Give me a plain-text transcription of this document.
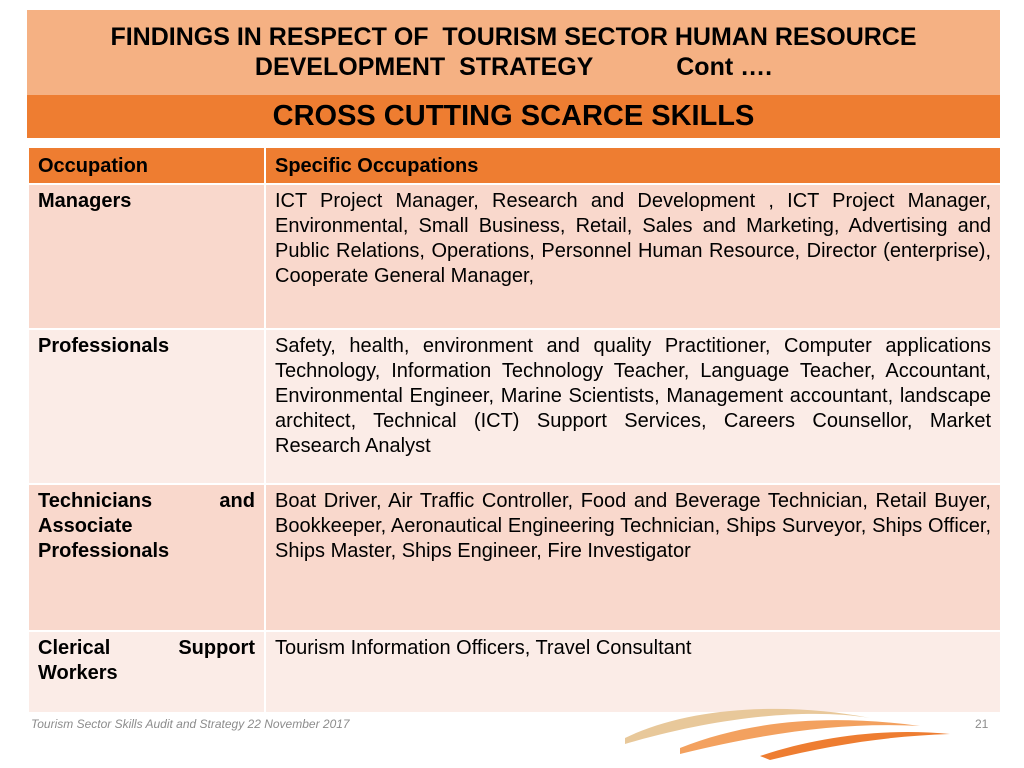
FINDINGS IN RESPECT OF  TOURISM SECTOR HUMAN RESOURCE
DEVELOPMENT  STRATEGY            Cont ….
CROSS CUTTING SCARCE SKILLS
Occupation	Specific Occupations
Managers	ICT Project Manager, Research and Development , ICT Project Manager, Environmental, Small Business, Retail, Sales and Marketing, Advertising and Public Relations, Operations, Personnel Human Resource, Director (enterprise), Cooperate General Manager,
Professionals	Safety, health, environment and quality Practitioner, Computer applications Technology, Information Technology Teacher, Language Teacher, Accountant, Environmental Engineer, Marine Scientists, Management accountant, landscape architect, Technical (ICT) Support Services, Careers Counsellor, Market Research Analyst
Technicians and Associate Professionals	Boat Driver, Air Traffic Controller, Food and Beverage Technician, Retail Buyer, Bookkeeper, Aeronautical Engineering Technician, Ships Surveyor, Ships Officer, Ships Master, Ships Engineer, Fire Investigator
Clerical Support Workers	Tourism Information Officers, Travel Consultant
Tourism Sector Skills Audit and Strategy 22 November 2017	21
